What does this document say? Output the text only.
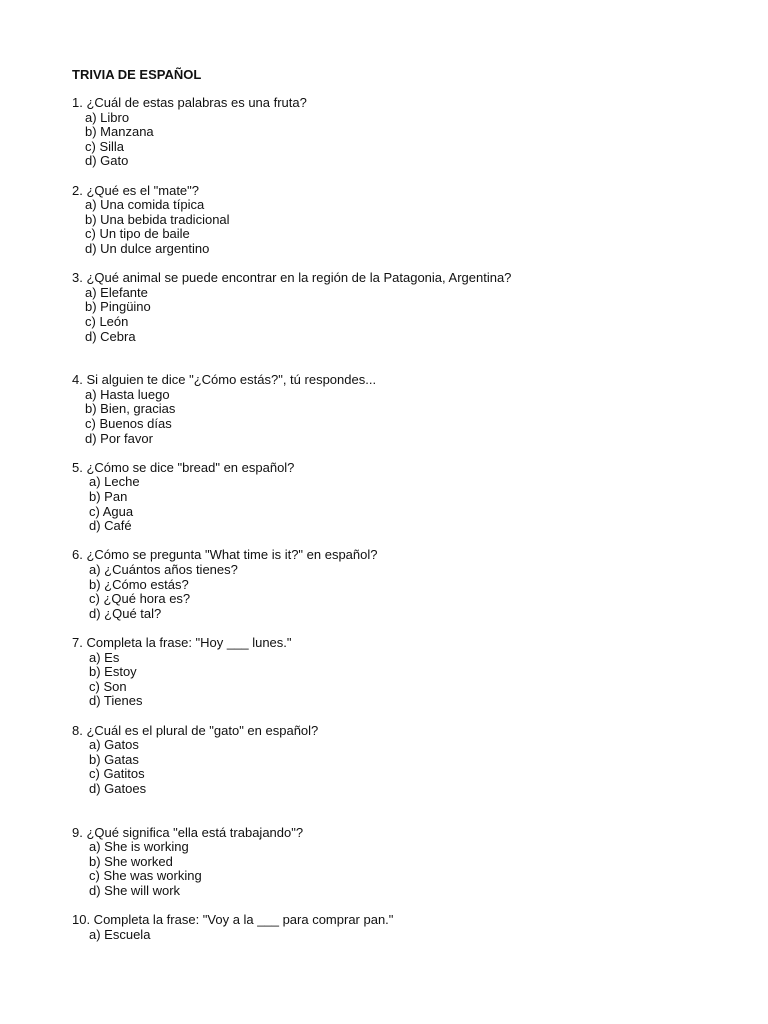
TRIVIA DE ESPAÑOL
1. ¿Cuál de estas palabras es una fruta?
a) Libro
b) Manzana
c) Silla
d) Gato
2. ¿Qué es el "mate"?
a) Una comida típica
b) Una bebida tradicional
c) Un tipo de baile
d) Un dulce argentino
3. ¿Qué animal se puede encontrar en la región de la Patagonia, Argentina?
a) Elefante
b) Pingüino
c) León
d) Cebra
4. Si alguien te dice "¿Cómo estás?", tú respondes...
a) Hasta luego
b) Bien, gracias
c) Buenos días
d) Por favor
5. ¿Cómo se dice "bread" en español?
a) Leche
b) Pan
c) Agua
d) Café
6. ¿Cómo se pregunta "What time is it?" en español?
a) ¿Cuántos años tienes?
b) ¿Cómo estás?
c) ¿Qué hora es?
d) ¿Qué tal?
7. Completa la frase: "Hoy ___ lunes."
a) Es
b) Estoy
c) Son
d) Tienes
8. ¿Cuál es el plural de "gato" en español?
a) Gatos
b) Gatas
c) Gatitos
d) Gatoes
9. ¿Qué significa "ella está trabajando"?
a) She is working
b) She worked
c) She was working
d) She will work
10. Completa la frase: "Voy a la ___ para comprar pan."
a) Escuela
